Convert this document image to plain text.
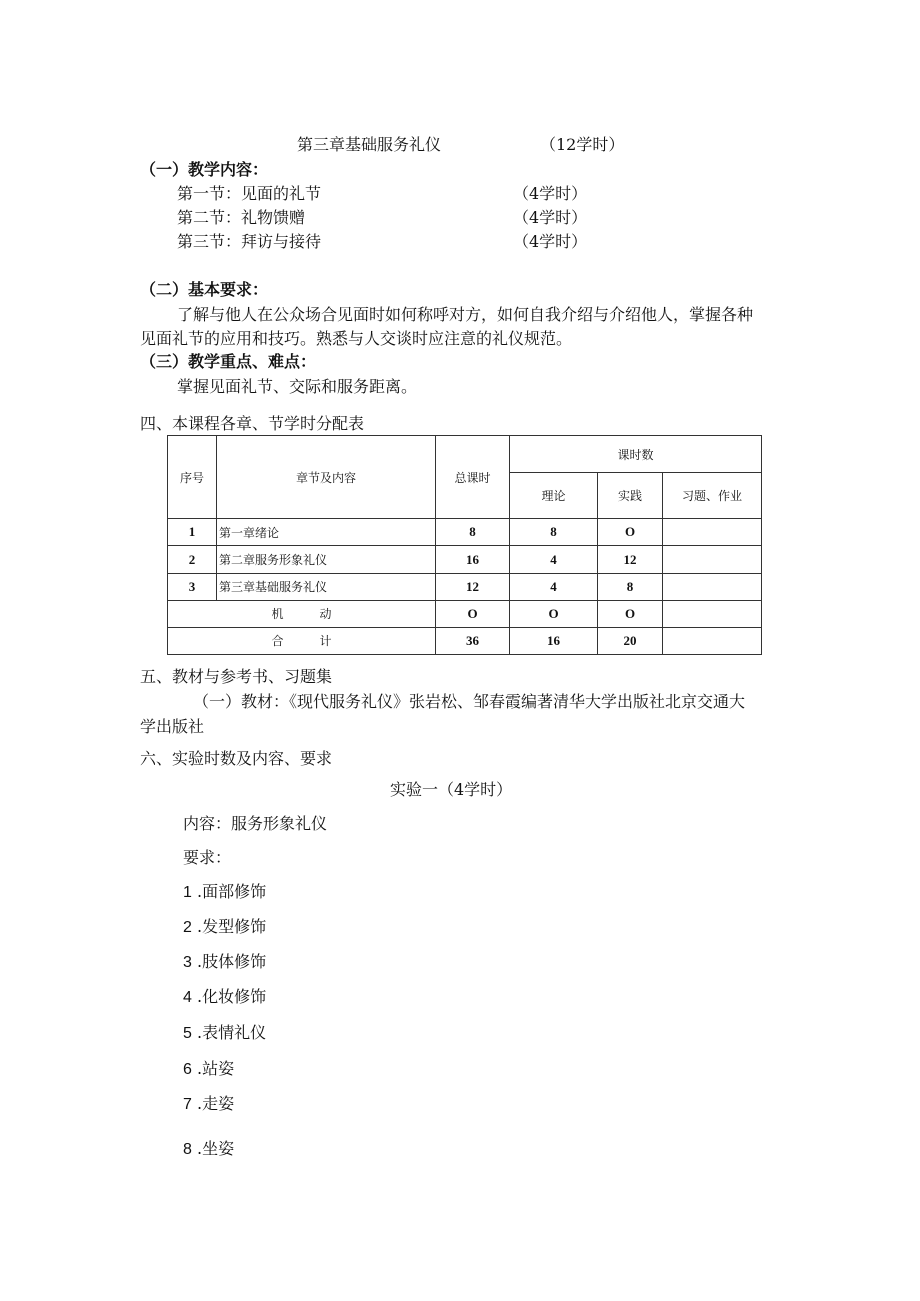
第三章基础服务礼仪	（12学时）
（一）教学内容：
第一节：见面的礼节	（4学时）
第二节：礼物馈赠	（4学时）
第三节：拜访与接待	（4学时）
（二）基本要求：
了解与他人在公众场合见面时如何称呼对方，如何自我介绍与介绍他人，掌握各种
见面礼节的应用和技巧。熟悉与人交谈时应注意的礼仪规范。
（三）教学重点、难点：
掌握见面礼节、交际和服务距离。
四、本课程各章、节学时分配表
序号	章节及内容	总课时	课时数		
			理论	实践	习题、作业
1	第一章绪论	8	8	O	
2	第二章服务形象礼仪	16	4	12	
3	第三章基础服务礼仪	12	4	8	
机动		O	O	O	
合计		36	16	20	
五、教材与参考书、习题集
（一）教材：《现代服务礼仪》张岩松、邹春霞编著清华大学出版社北京交通大
学出版社
六、实验时数及内容、要求
实验一（4学时）
内容：服务形象礼仪
要求：
1 .面部修饰
2 .发型修饰
3 .肢体修饰
4 .化妆修饰
5 .表情礼仪
6 .站姿
7 .走姿
8 .坐姿
